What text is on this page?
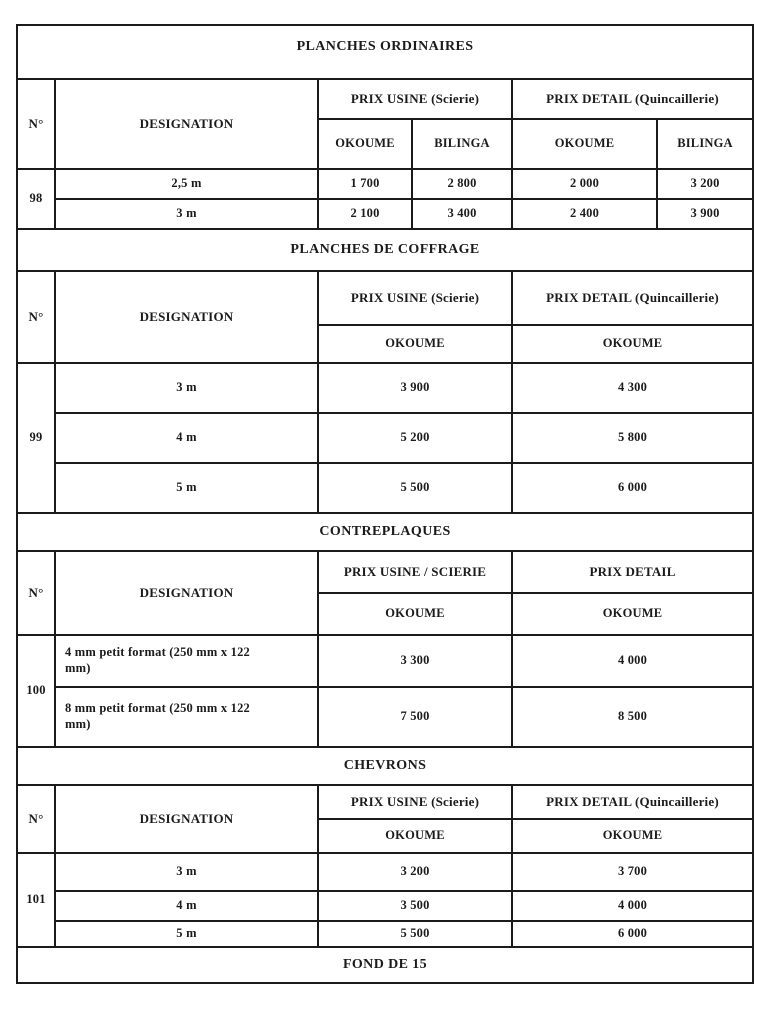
PLANCHES ORDINAIRES					
N°	DESIGNATION	PRIX USINE (Scierie)		PRIX DETAIL (Quincaillerie)	
		OKOUME	BILINGA	OKOUME	BILINGA
98	2,5 m	1 700	2 800	2 000	3 200
	3 m	2 100	3 400	2 400	3 900
PLANCHES DE COFFRAGE			
N°	DESIGNATION	PRIX USINE (Scierie)	PRIX DETAIL (Quincaillerie)
		OKOUME	OKOUME
99	3 m	3 900	4 300
	4 m	5 200	5 800
	5 m	5 500	6 000
CONTREPLAQUES			
N°	DESIGNATION	PRIX USINE / SCIERIE	PRIX DETAIL
		OKOUME	OKOUME
100	4 mm petit format (250 mm x 122 mm)	3 300	4 000
	8 mm petit format (250 mm x 122 mm)	7 500	8 500
CHEVRONS			
N°	DESIGNATION	PRIX USINE (Scierie)	PRIX DETAIL (Quincaillerie)
		OKOUME	OKOUME
101	3 m	3 200	3 700
	4 m	3 500	4 000
	5 m	5 500	6 000
FOND DE 15
